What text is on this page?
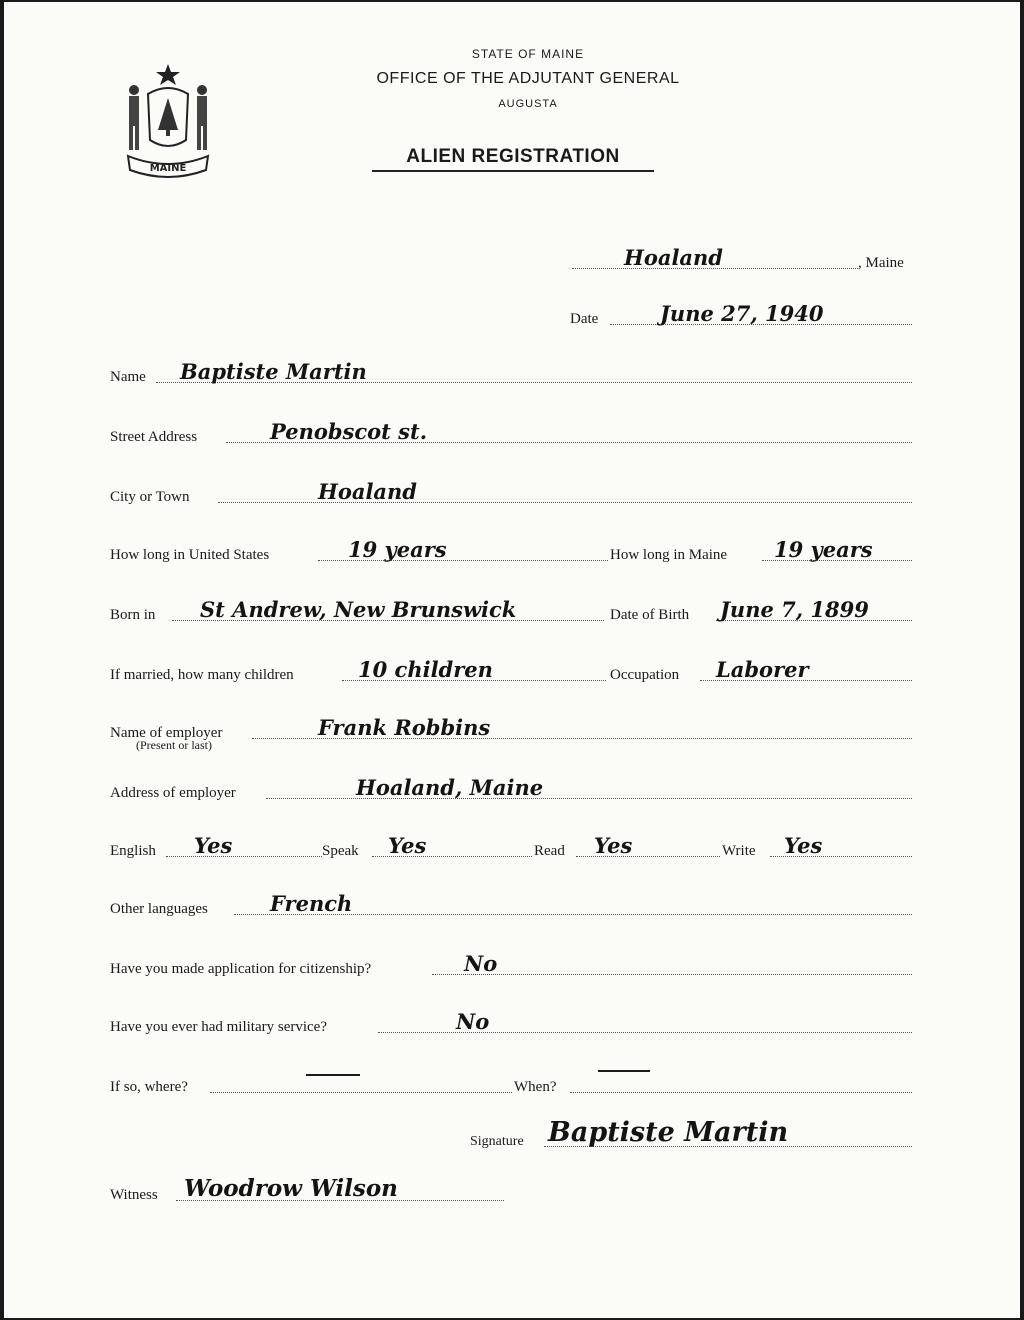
MAINE
STATE OF MAINE
OFFICE OF THE ADJUTANT GENERAL
AUGUSTA
ALIEN REGISTRATION
Hoaland	, Maine
Date	June 27, 1940
Name Baptiste Martin
Street Address	Penobscot st.
City or Town	Hoaland
How long in United States	19 years	How long in Maine 19 years
Born in St Andrew, New Brunswick	Date of Birth June 7, 1899
If married, how many children	10 children	Occupation Laborer
Name of employer	Frank Robbins
(Present or last)
Address of employer	Hoaland, Maine
English Yes	Speak Yes	Read Yes	Write Yes
Other languages	French
Have you made application for citizenship?	No
Have you ever had military service?	No
If so, where?	When?
Signature Baptiste Martin
Witness Woodrow Wilson
